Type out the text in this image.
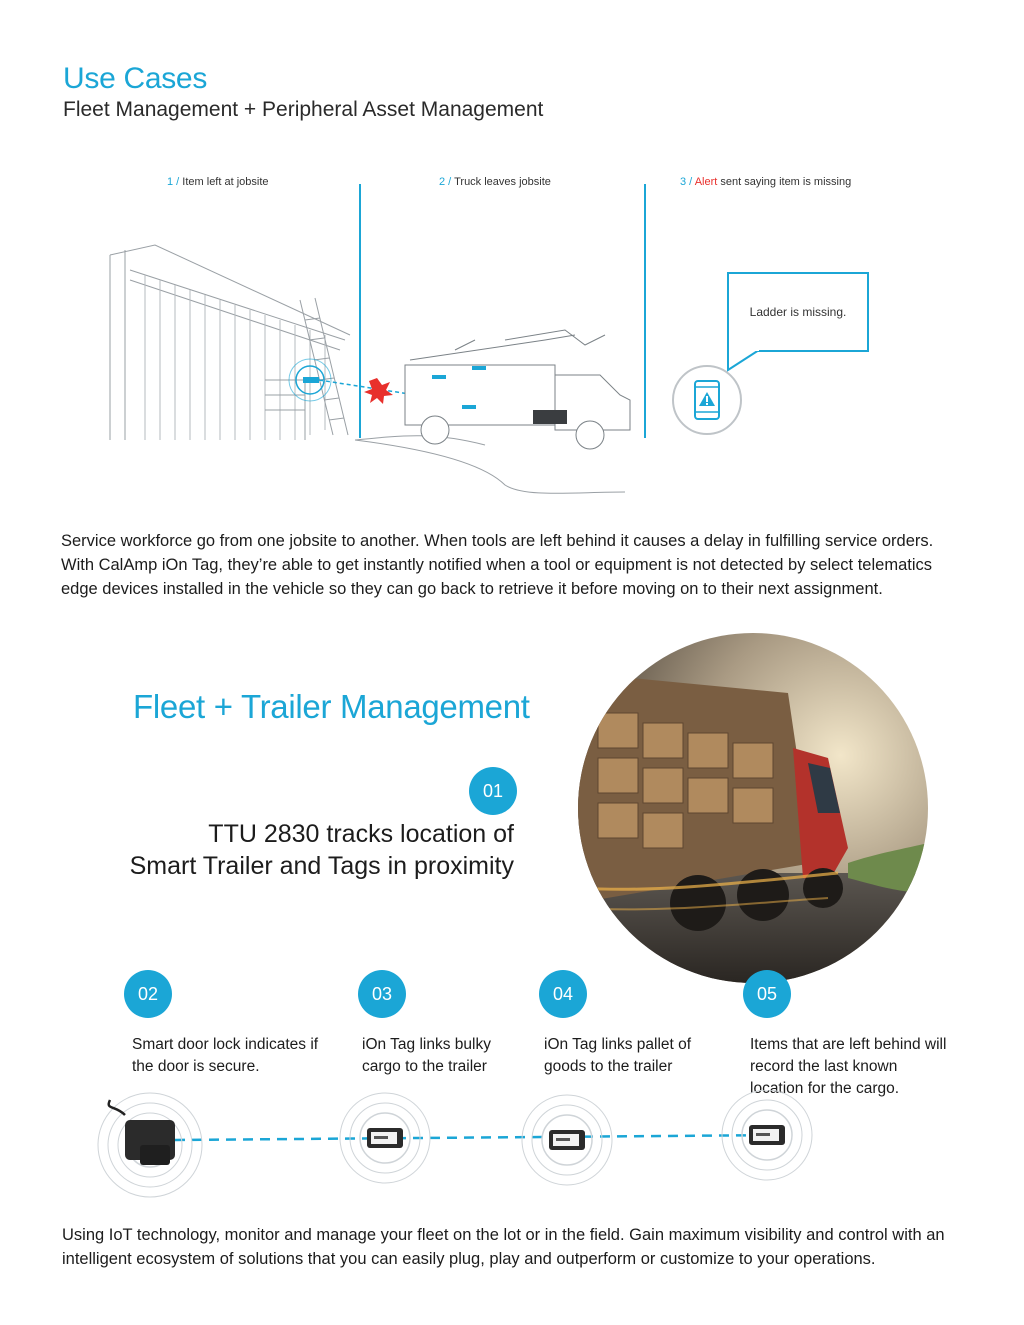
Use Cases
Fleet Management + Peripheral Asset Management
1 / Item left at jobsite	2 / Truck leaves jobsite	3 / Alert sent saying item is missing
Ladder is missing.
Service workforce go from one jobsite to another. When tools are left behind it causes a delay in fulfilling service orders. With CalAmp iOn Tag, they’re able to get instantly notified when a tool or equipment is not detected by select telematics edge devices installed in the vehicle so they can go back to retrieve it before moving on to their next assignment.
Fleet + Trailer Management
01
TTU 2830 tracks location of
Smart Trailer and Tags in proximity
02	03	04	05
Smart door lock indicates if the door is secure.
iOn Tag links bulky cargo to the trailer
iOn Tag links pallet of goods to the trailer
Items that are left behind will record the last known location for the cargo.
Using IoT technology, monitor and manage your fleet on the lot or in the field. Gain maximum visibility and control with an intelligent ecosystem of solutions that you can easily plug, play and outperform or customize to your operations.
